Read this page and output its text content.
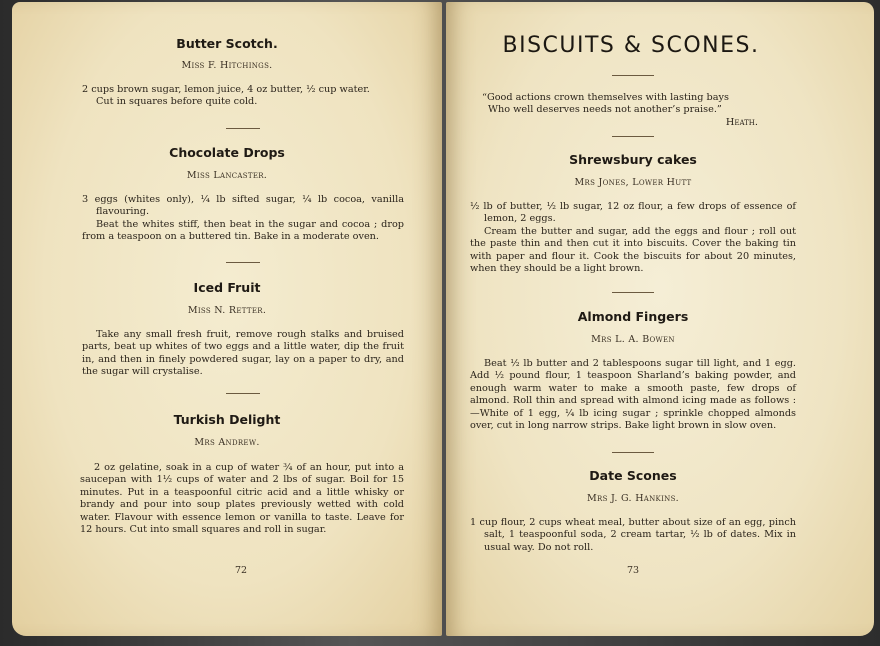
Butter Scotch.
Miss F. Hitchings.

2 cups brown sugar, lemon juice, 4 oz butter, ½ cup water.

Cut in squares before quite cold.

Chocolate Drops
Miss Lancaster.

3 eggs (whites only), ¼ lb sifted sugar, ¼ lb cocoa, vanilla flavouring.

Beat the whites stiff, then beat in the sugar and cocoa ; drop from a teaspoon on a buttered tin. Bake in a moderate oven.

Iced Fruit
Miss N. Retter.

Take any small fresh fruit, remove rough stalks and bruised parts, beat up whites of two eggs and a little water, dip the fruit in, and then in finely powdered sugar, lay on a paper to dry, and the sugar will crystalise.

Turkish Delight
Mrs Andrew.

2 oz gelatine, soak in a cup of water ¾ of an hour, put into a saucepan with 1½ cups of water and 2 lbs of sugar. Boil for 15 minutes. Put in a teaspoonful citric acid and a little whisky or brandy and pour into soup plates previously wetted with cold water. Flavour with essence lemon or vanilla to taste. Leave for 12 hours. Cut into small squares and roll in sugar.

72
BISCUITS & SCONES.
“Good actions crown themselves with lasting bays
Who well deserves needs not another’s praise.”
Heath.
Shrewsbury cakes
Mrs Jones, Lower Hutt

½ lb of butter, ½ lb sugar, 12 oz flour, a few drops of essence of lemon, 2 eggs.

Cream the butter and sugar, add the eggs and flour ; roll out the paste thin and then cut it into biscuits. Cover the baking tin with paper and flour it. Cook the biscuits for about 20 minutes, when they should be a light brown.

Almond Fingers
Mrs L. A. Bowen

Beat ½ lb butter and 2 tablespoons sugar till light, and 1 egg. Add ½ pound flour, 1 teaspoon Sharland’s baking powder, and enough warm water to make a smooth paste, few drops of almond. Roll thin and spread with almond icing made as follows :—White of 1 egg, ¼ lb icing sugar ; sprinkle chopped almonds over, cut in long narrow strips. Bake light brown in slow oven.

Date Scones
Mrs J. G. Hankins.

1 cup flour, 2 cups wheat meal, butter about size of an egg, pinch salt, 1 teaspoonful soda, 2 cream tartar, ½ lb of dates. Mix in usual way. Do not roll.

73
